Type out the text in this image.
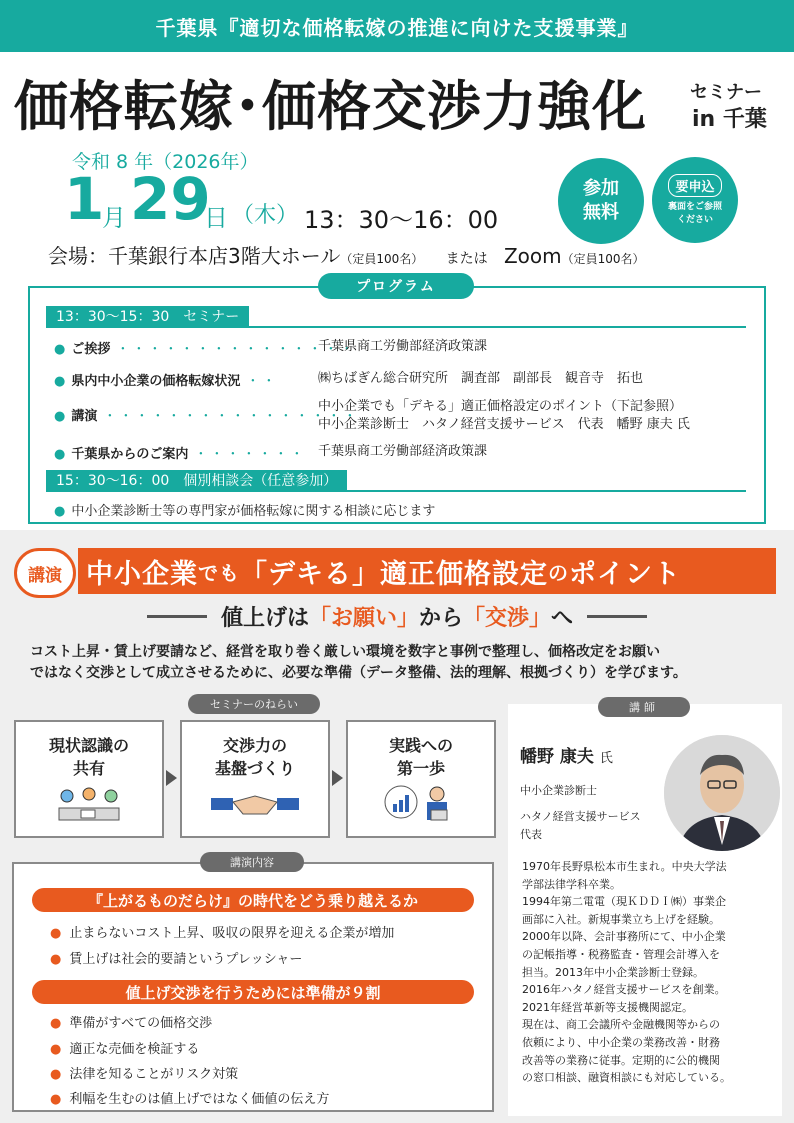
千葉県『適切な価格転嫁の推進に向けた支援事業』
価格転嫁･価格交渉力強化 セミナー
in 千葉
令和 8 年（2026年）
1
月 29
日 （木） 13：30〜16：00
参加
無料
要申込
裏面をご参照
ください
会場：千葉銀行本店3階大ホール（定員100名） または Zoom（定員100名）
プログラム
13：30〜15：30　セミナー
● ご挨拶 ・・・・・・・・・・・・・・・
千葉県商工労働部経済政策課
● 県内中小企業の価格転嫁状況 ・・	㈱ちばぎん総合研究所　調査部　副部長　観音寺　拓也
● 講演 ・・・・・・・・・・・・・・・・
中小企業でも「デキる」適正価格設定のポイント（下記参照）
中小企業診断士　ハタノ経営支援サービス　代表　幡野 康夫 氏
● 千葉県からのご案内 ・・・・・・・ 千葉県商工労働部経済政策課
15：30〜16：00　個別相談会（任意参加）
● 中小企業診断士等の専門家が価格転嫁に関する相談に応じます
講演 中小企業 でも 「デキる」適正価格設定 の ポイント
値上げは 「お願い」 から 「交渉」 へ
コスト上昇・賃上げ要請など、経営を取り巻く厳しい環境を数字と事例で整理し、価格改定をお願い
ではなく交渉として成立させるために、必要な準備（データ整備、法的理解、根拠づくり）を学びます。
セミナーのねらい
現状認識の
共有
交渉力の
基盤づくり
実践への
第一歩
講演内容
『上がるものだらけ』の時代をどう乗り越えるか
● 止まらないコスト上昇、吸収の限界を迎える企業が増加
● 賃上げは社会的要請というプレッシャー
値上げ交渉を行うためには準備が９割
● 準備がすべての価格交渉
● 適正な売価を検証する
● 法律を知ることがリスク対策
● 利幅を生むのは値上げではなく価値の伝え方
講師
幡野 康夫 氏
中小企業診断士
ハタノ経営支援サービス
代表
1970年長野県松本市生まれ。中央大学法
学部法律学科卒業。
1994年第二電電（現ＫＤＤＩ㈱）事業企
画部に入社。新規事業立ち上げを経験。
2000年以降、会計事務所にて、中小企業
の記帳指導・税務監査・管理会計導入を
担当。2013年中小企業診断士登録。
2016年ハタノ経営支援サービスを創業。
2021年経営革新等支援機関認定。
現在は、商工会議所や金融機関等からの
依頼により、中小企業の業務改善・財務
改善等の業務に従事。定期的に公的機関
の窓口相談、融資相談にも対応している。
